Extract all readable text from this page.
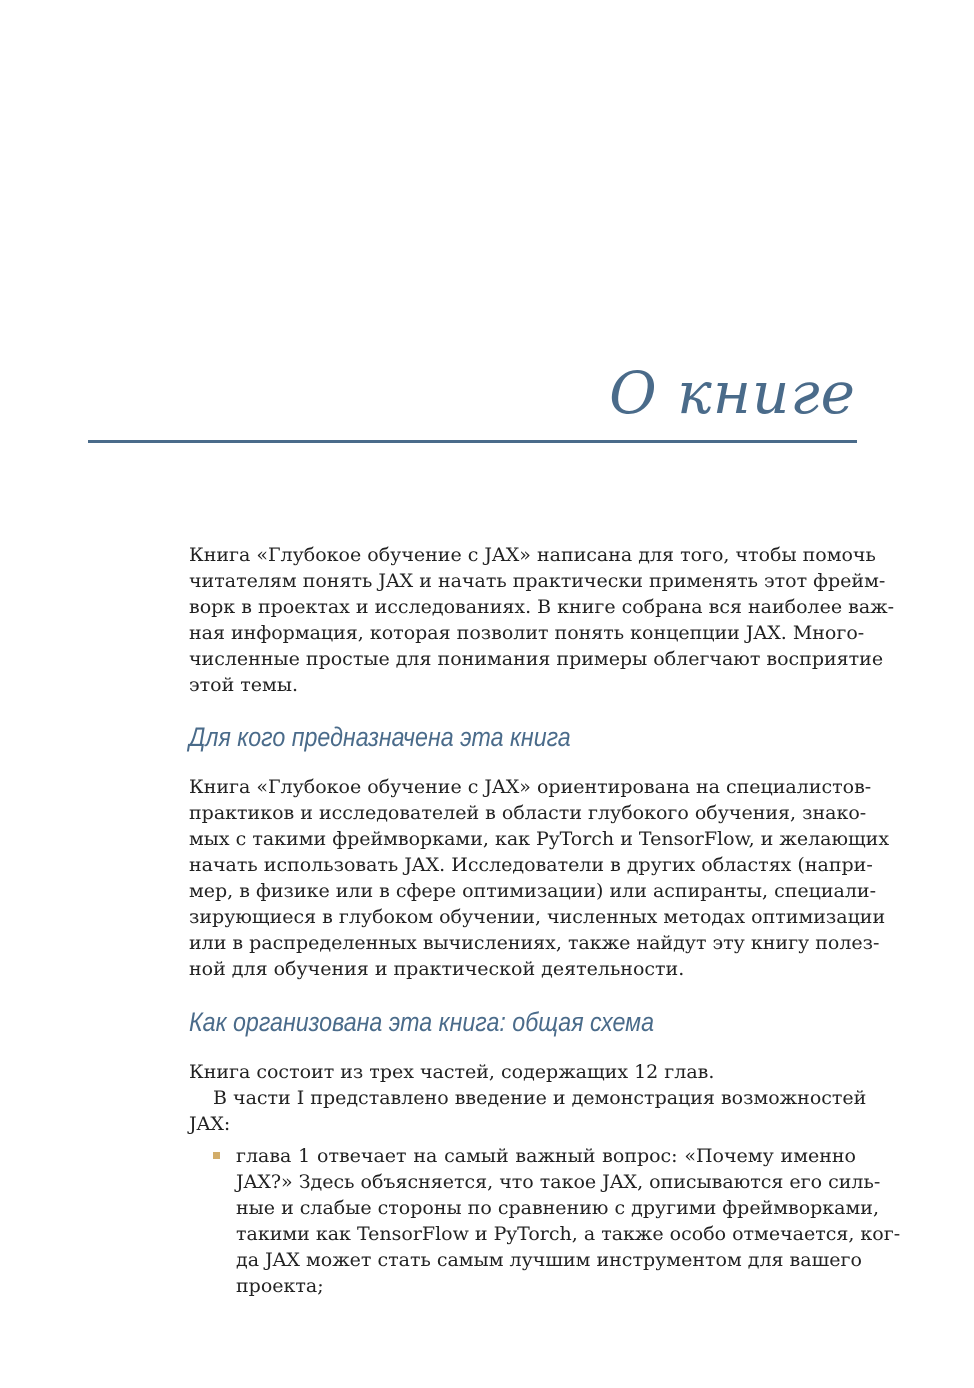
О книге
Книга «Глубокое обучение с JAX» написана для того, чтобы помочь
читателям понять JAX и начать практически применять этот фрейм-
ворк в проектах и исследованиях. В книге собрана вся наиболее важ-
ная информация, которая позволит понять концепции JAX. Много-
численные простые для понимания примеры облегчают восприятие
этой темы.
Для кого предназначена эта книга
Книга «Глубокое обучение с JAX» ориентирована на специалистов-
практиков и исследователей в области глубокого обучения, знако-
мых с такими фреймворками, как PyTorch и TensorFlow, и желающих
начать использовать JAX. Исследователи в других областях (напри-
мер, в физике или в сфере оптимизации) или аспиранты, специали-
зирующиеся в глубоком обучении, численных методах оптимизации
или в распределенных вычислениях, также найдут эту книгу полез-
ной для обучения и практической деятельности.
Как организована эта книга: общая схема
Книга состоит из трех частей, содержащих 12 глав.
В части I представлено введение и демонстрация возможностей
JAX:
глава 1 отвечает на самый важный вопрос: «Почему именно
JAX?» Здесь объясняется, что такое JAX, описываются его силь-
ные и слабые стороны по сравнению с другими фреймворками,
такими как TensorFlow и PyTorch, а также особо отмечается, ког-
да JAX может стать самым лучшим инструментом для вашего
проекта;
